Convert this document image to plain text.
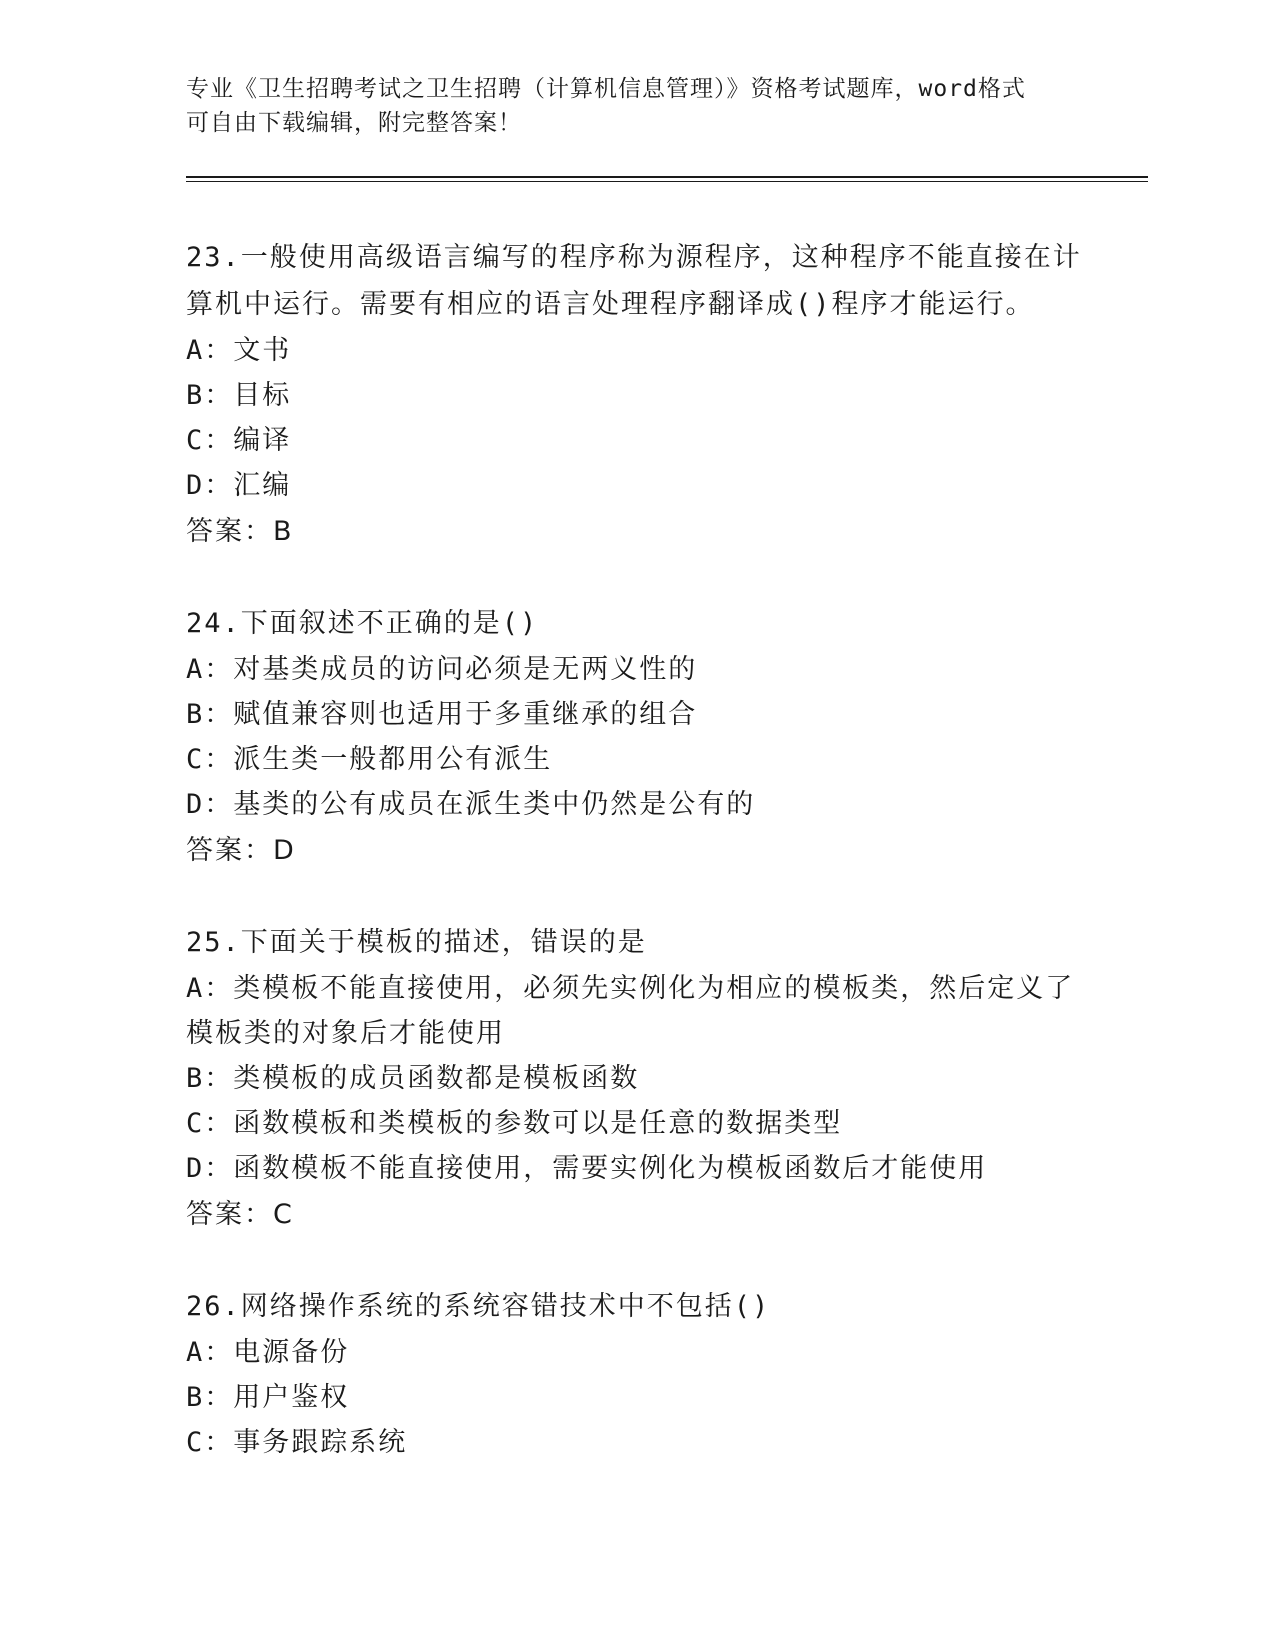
专业《卫生招聘考试之卫生招聘（计算机信息管理）》资格考试题库，word格式
可自由下载编辑，附完整答案！

23.一般使用高级语言编写的程序称为源程序，这种程序不能直接在计算机中运行。需要有相应的语言处理程序翻译成()程序才能运行。

A：文书

B：目标

C：编译

D：汇编

答案：B

24.下面叙述不正确的是()

A：对基类成员的访问必须是无两义性的

B：赋值兼容则也适用于多重继承的组合

C：派生类一般都用公有派生

D：基类的公有成员在派生类中仍然是公有的

答案：D

25.下面关于模板的描述，错误的是

A：类模板不能直接使用，必须先实例化为相应的模板类，然后定义了模板类的对象后才能使用

B：类模板的成员函数都是模板函数

C：函数模板和类模板的参数可以是任意的数据类型

D：函数模板不能直接使用，需要实例化为模板函数后才能使用

答案：C

26.网络操作系统的系统容错技术中不包括()

A：电源备份

B：用户鉴权

C：事务跟踪系统
